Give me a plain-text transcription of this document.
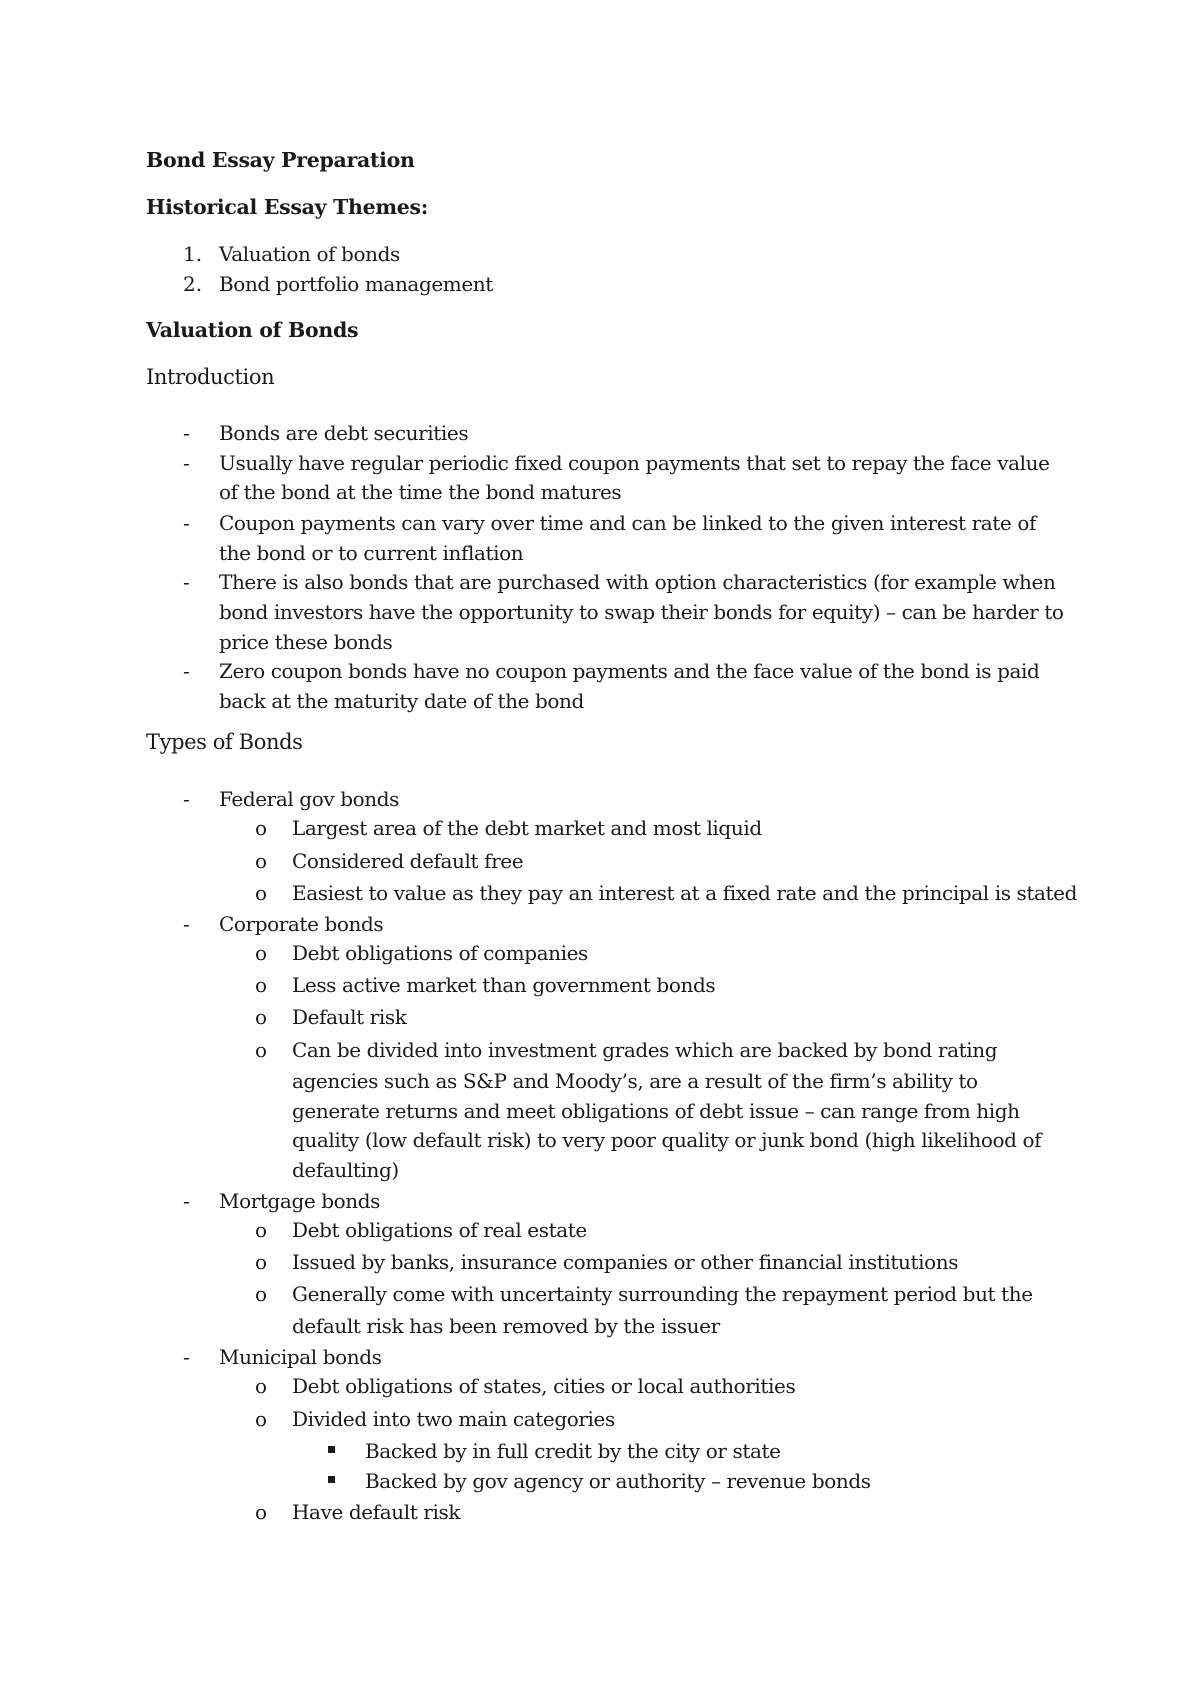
Bond Essay Preparation
Historical Essay Themes:
1. Valuation of bonds
2. Bond portfolio management
Valuation of Bonds
Introduction
- Bonds are debt securities
- Usually have regular periodic fixed coupon payments that set to repay the face value
of the bond at the time the bond matures
- Coupon payments can vary over time and can be linked to the given interest rate of
the bond or to current inflation
- There is also bonds that are purchased with option characteristics (for example when
bond investors have the opportunity to swap their bonds for equity) – can be harder to
price these bonds
- Zero coupon bonds have no coupon payments and the face value of the bond is paid
back at the maturity date of the bond
Types of Bonds
- Federal gov bonds
o Largest area of the debt market and most liquid
o Considered default free
o Easiest to value as they pay an interest at a fixed rate and the principal is stated
- Corporate bonds
o Debt obligations of companies
o Less active market than government bonds
o Default risk
o Can be divided into investment grades which are backed by bond rating
agencies such as S&P and Moody’s, are a result of the firm’s ability to
generate returns and meet obligations of debt issue – can range from high
quality (low default risk) to very poor quality or junk bond (high likelihood of
defaulting)
- Mortgage bonds
o Debt obligations of real estate
o Issued by banks, insurance companies or other financial institutions
o Generally come with uncertainty surrounding the repayment period but the
default risk has been removed by the issuer
- Municipal bonds
o Debt obligations of states, cities or local authorities
o Divided into two main categories
Backed by in full credit by the city or state
Backed by gov agency or authority – revenue bonds
o Have default risk
